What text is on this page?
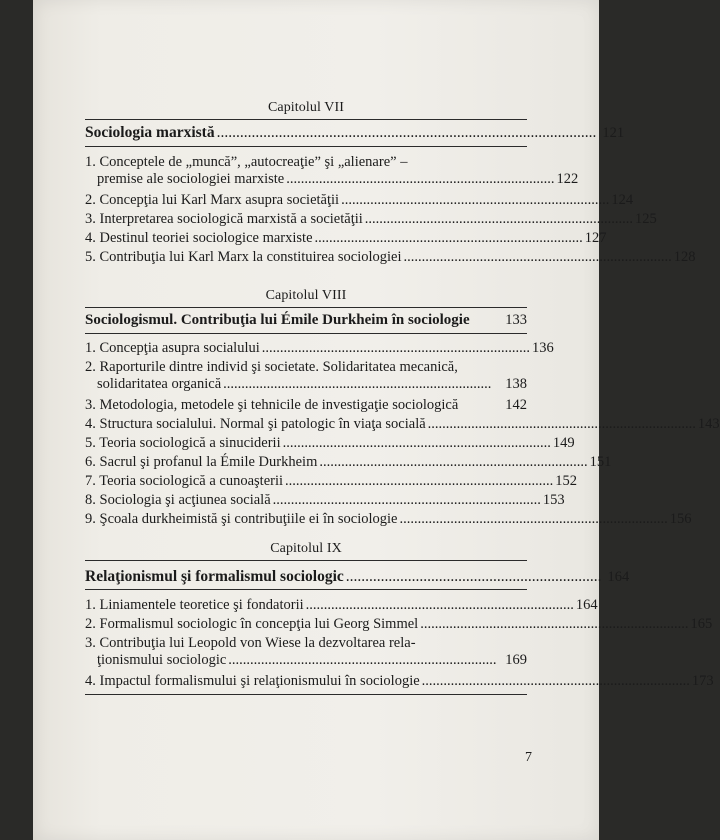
Capitolul VII
Sociologia marxistă .................................................................................................. 121
1. Conceptele de „muncă”, „autocreaţie” şi „alienare” –
premise ale sociologiei marxiste .......................................................................... 122
2. Concepţia lui Karl Marx asupra societăţii .......................................................................... 124
3. Interpretarea sociologică marxistă a societăţii .......................................................................... 125
4. Destinul teoriei sociologice marxiste .......................................................................... 127
5. Contribuţia lui Karl Marx la constituirea sociologiei .......................................................................... 128
Capitolul VIII
Sociologismul. Contribuţia lui Émile Durkheim în sociologie 133
1. Concepţia asupra socialului .......................................................................... 136
2. Raporturile dintre individ şi societate. Solidaritatea mecanică,
solidaritatea organică .......................................................................... 138
3. Metodologia, metodele şi tehnicile de investigaţie sociologică	142
4. Structura socialului. Normal şi patologic în viaţa socială .......................................................................... 143
5. Teoria sociologică a sinuciderii .......................................................................... 149
6. Sacrul şi profanul la Émile Durkheim .......................................................................... 151
7. Teoria sociologică a cunoaşterii .......................................................................... 152
8. Sociologia şi acţiunea socială .......................................................................... 153
9. Şcoala durkheimistă şi contribuţiile ei în sociologie .......................................................................... 156
Capitolul IX
Relaţionismul şi formalismul sociologic .................................................................. 164
1. Liniamentele teoretice şi fondatorii .......................................................................... 164
2. Formalismul sociologic în concepţia lui Georg Simmel .......................................................................... 165
3. Contribuţia lui Leopold von Wiese la dezvoltarea rela-
ţionismului sociologic .......................................................................... 169
4. Impactul formalismului şi relaţionismului în sociologie .......................................................................... 173
7
